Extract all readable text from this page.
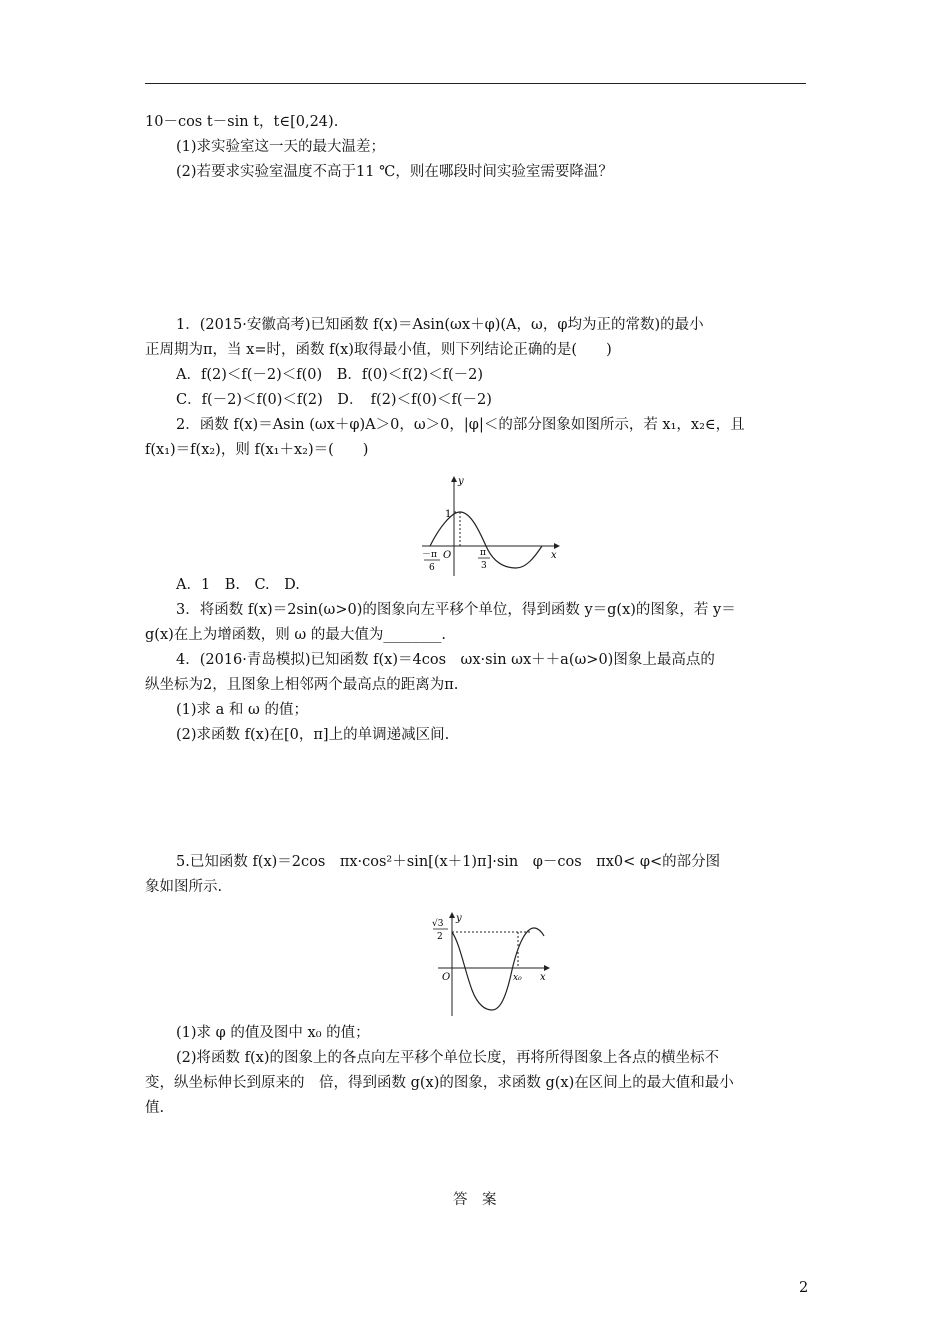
10－cos t－sin t，t∈[0,24).
(1)求实验室这一天的最大温差；
(2)若要求实验室温度不高于11 ℃，则在哪段时间实验室需要降温？
1．(2015·安徽高考)已知函数 f(x)＝Asin(ωx＋φ)(A，ω，φ均为正的常数)的最小
正周期为π，当 x=时，函数 f(x)取得最小值，则下列结论正确的是(　　)
A．f(2)＜f(－2)＜f(0)　B．f(0)＜f(2)＜f(－2)
C．f(－2)＜f(0)＜f(2)　D．　f(2)＜f(0)＜f(－2)
2．函数 f(x)＝Asin (ωx＋φ)A＞0，ω＞0，|φ|＜的部分图象如图所示，若 x₁，x₂∈，且
f(x₁)＝f(x₂)，则 f(x₁＋x₂)＝(　　)
A．1　B.　C.　D.
3．将函数 f(x)＝2sin(ω>0)的图象向左平移个单位，得到函数 y＝g(x)的图象，若 y＝
g(x)在上为增函数，则 ω 的最大值为________.
4．(2016·青岛模拟)已知函数 f(x)＝4cos　ωx·sin ωx＋＋a(ω>0)图象上最高点的
纵坐标为2，且图象上相邻两个最高点的距离为π.
(1)求 a 和 ω 的值；
(2)求函数 f(x)在[0，π]上的单调递减区间.
5.已知函数 f(x)＝2cos　πx·cos²＋sin[(x＋1)π]·sin　φ－cos　πx0< φ<的部分图
象如图所示.
(1)求 φ 的值及图中 x₀ 的值；
(2)将函数 f(x)的图象上的各点向左平移个单位长度，再将所得图象上各点的横坐标不
变，纵坐标伸长到原来的　倍，得到函数 g(x)的图象，求函数 g(x)在区间上的最大值和最小
值.
答　案
2
y
x
O
1
－π
6
π
3
y
x
O
√3
2
x₀
